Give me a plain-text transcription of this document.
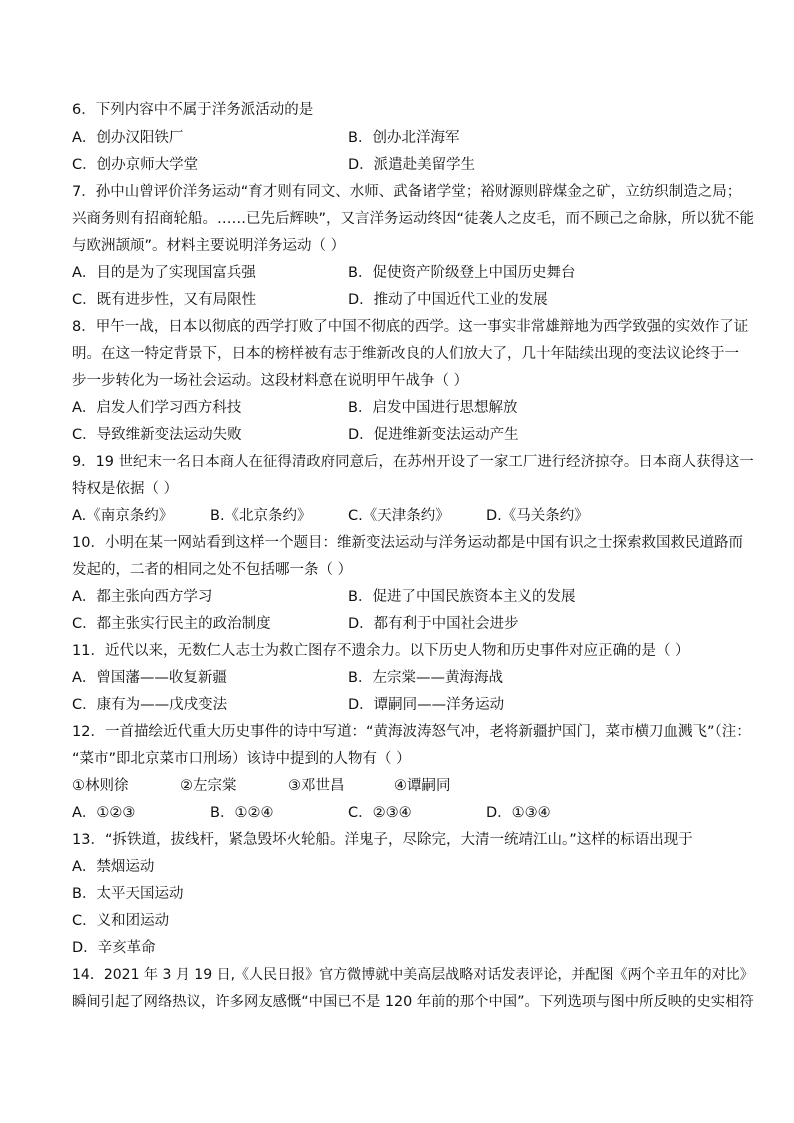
6．下列内容中不属于洋务派活动的是
A．创办汉阳铁厂	B．创办北洋海军
C．创办京师大学堂	D．派遣赴美留学生
7．孙中山曾评价洋务运动“育才则有同文、水师、武备诸学堂；裕财源则辟煤金之矿，立纺织制造之局；
兴商务则有招商轮船。……已先后辉映”，又言洋务运动终因“徒袭人之皮毛，而不顾己之命脉，所以犹不能
与欧洲颉颃”。材料主要说明洋务运动（ ）
A．目的是为了实现国富兵强	B．促使资产阶级登上中国历史舞台
C．既有进步性，又有局限性	D．推动了中国近代工业的发展
8．甲午一战，日本以彻底的西学打败了中国不彻底的西学。这一事实非常雄辩地为西学致强的实效作了证
明。在这一特定背景下，日本的榜样被有志于维新改良的人们放大了，几十年陆续出现的变法议论终于一
步一步转化为一场社会运动。这段材料意在说明甲午战争（ ）
A．启发人们学习西方科技	B．启发中国进行思想解放
C．导致维新变法运动失败	D．促进维新变法运动产生
9．19 世纪末一名日本商人在征得清政府同意后，在苏州开设了一家工厂进行经济掠夺。日本商人获得这一
特权是依据（ ）
A.《南京条约》	B.《北京条约》	C.《天津条约》	D.《马关条约》
10．小明在某一网站看到这样一个题目：维新变法运动与洋务运动都是中国有识之士探索救国救民道路而
发起的，二者的相同之处不包括哪一条（ ）
A．都主张向西方学习	B．促进了中国民族资本主义的发展
C．都主张实行民主的政治制度	D．都有利于中国社会进步
11．近代以来，无数仁人志士为救亡图存不遗余力。以下历史人物和历史事件对应正确的是（ ）
A．曾国藩——收复新疆	B．左宗棠——黄海海战
C．康有为——戊戌变法	D．谭嗣同——洋务运动
12．一首描绘近代重大历史事件的诗中写道：“黄海波涛怒气冲，老将新疆护国门，菜市横刀血溅飞”（注：
“菜市”即北京菜市口刑场）该诗中提到的人物有（ ）
①林则徐	②左宗棠	③邓世昌	④谭嗣同
A．①②③	B．①②④	C．②③④	D．①③④
13．“拆铁道，拔线杆，紧急毁坏火轮船。洋鬼子，尽除完，大清一统靖江山。”这样的标语出现于
A．禁烟运动
B．太平天国运动
C．义和团运动
D．辛亥革命
14．2021 年 3 月 19 日,《人民日报》官方微博就中美高层战略对话发表评论，并配图《两个辛丑年的对比》
瞬间引起了网络热议，许多网友感慨“中国已不是 120 年前的那个中国”。下列选项与图中所反映的史实相符
